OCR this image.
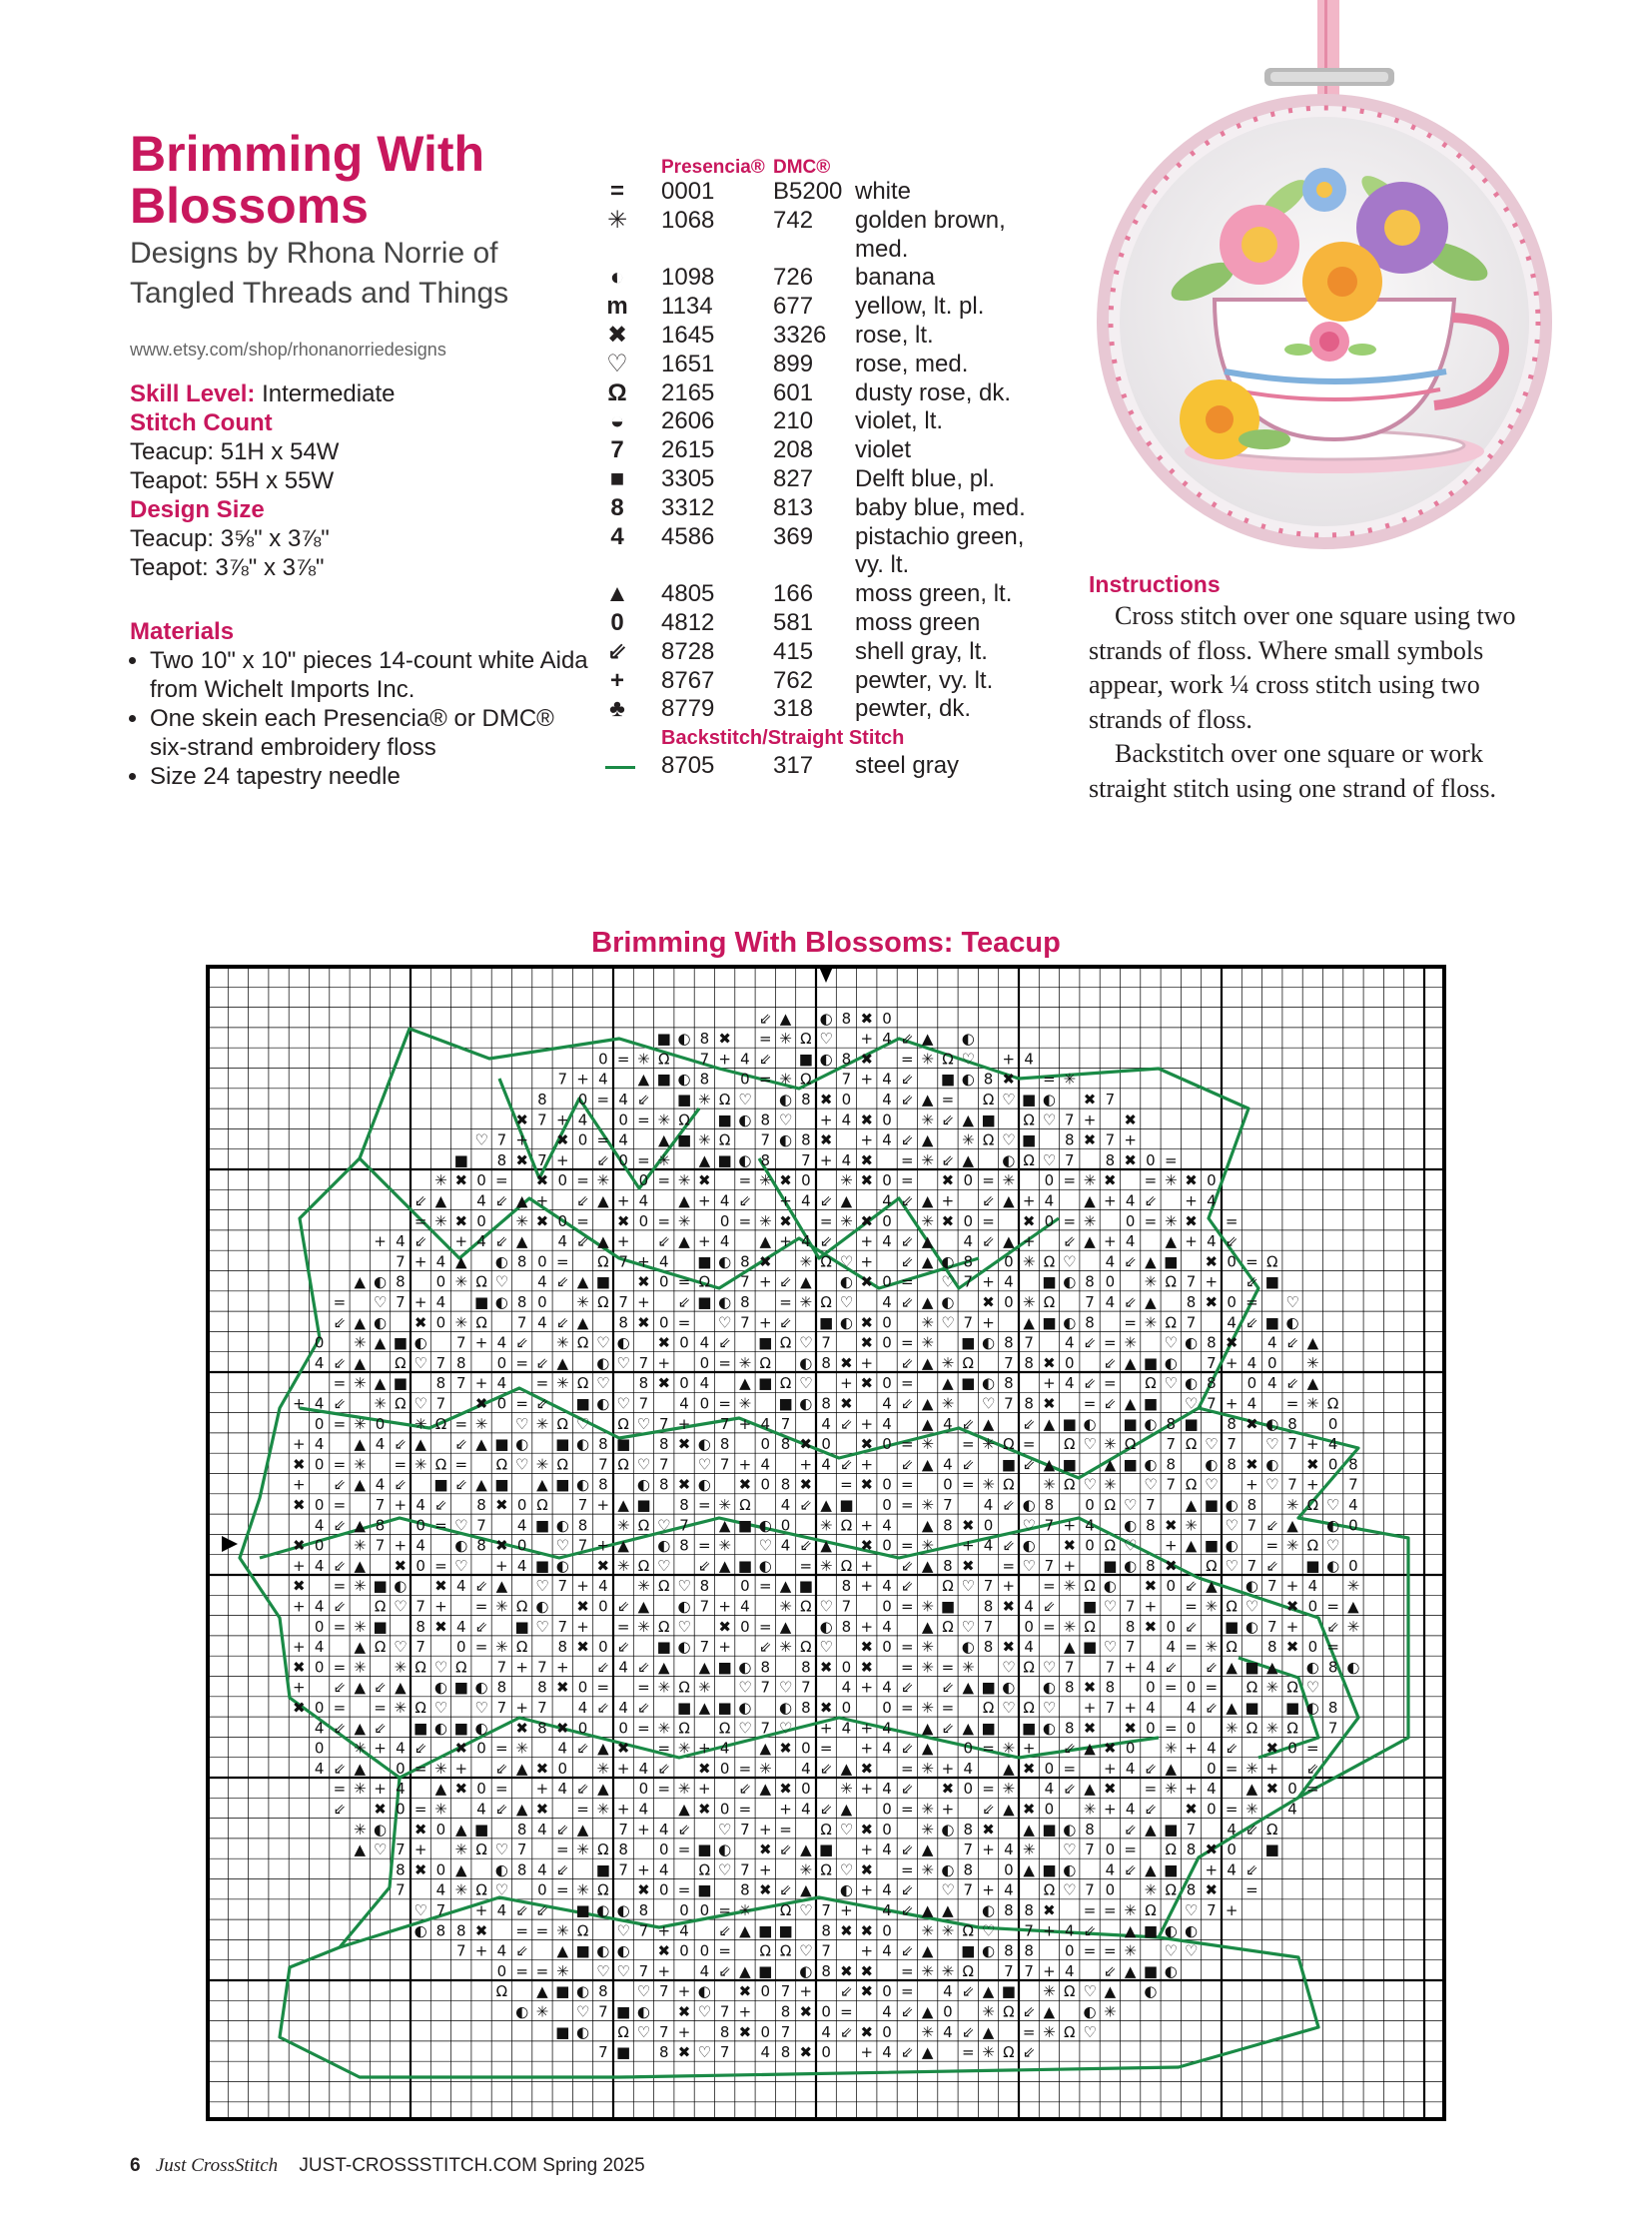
Brimming With Blossoms
Designs by Rhona Norrie of Tangled Threads and Things
www.etsy.com/shop/rhonanorriedesigns
Skill Level: Intermediate
Stitch Count
Teacup: 51H x 54W
Teapot: 55H x 55W
Design Size
Teacup: 3⅝" x 3⅞"
Teapot: 3⅞" x 3⅞"
Materials
• Two 10" x 10" pieces 14-count white Aida from Wichelt Imports Inc.
• One skein each Presencia® or DMC® six-strand embroidery floss
• Size 24 tapestry needle
Presencia® DMC®
=	0001 B5200 white
✳	1068 742 golden brown, med.
◐	1098 726 banana
m	1134	677 yellow, lt. pl.
✖	1645 3326 rose, lt.
♡	1651 899 rose, med.
Ω	2165 601 dusty rose, dk.
◒	2606 210 violet, lt.
7	2615 208 violet
■	3305 827 Delft blue, pl.
8	3312 813 baby blue, med.
4	4586 369 pistachio green, vy. lt.
▲ 4805 166 moss green, lt.
0	4812 581 moss green
⇙	8728 415 shell gray, lt.
+	8767 762 pewter, vy. lt.
♣	8779 318 pewter, dk.
Backstitch/Straight Stitch
8705 317 steel gray
Instructions

Cross stitch over one square using two strands of floss. Where small symbols appear, work ¼ cross stitch using two strands of floss.

Backstitch over one square or work straight stitch using one strand of floss.

Brimming With Blossoms: Teacup
⇙ ▲ ◐ 8 ✖ 0
■ ◐ 8 ✖ = ✳ Ω ♡ + 4 ⇙ ▲ ◐
0 = ✳ Ω 7 + 4 ⇙ ■ ◐ 8 ✖ = ✳ Ω ♡ + 4
7 + 4 ▲ ■ ◐ 8 0 = ✳ Ω 7 + 4 ⇙ ■ ◐ 8 ✖ = ✳
8 0 = 4 ⇙ ■ ✳ Ω ♡ ◐ 8 ✖ 0 4 ⇙ ▲ = Ω ♡ ■ ◐ ✖ 7
✖ 7 + 4 0 = ✳ Ω ■ ◐ 8 ♡ + 4 ✖ 0 ✳ ⇙ ▲ ■ Ω ♡ 7 + ✖
♡ 7 + ✖ 0 = 4 ▲ ■ ✳ Ω 7 ◐ 8 ✖ + 4 ⇙ ▲ ✳ Ω ♡ ■ 8 ✖ 7 +
■ 8 ✖ 7 + ⇙ 0 = ✳ ▲ ■ ◐ 8 7 + 4 ✖ = ✳ ⇙ ▲ ◐ Ω ♡ 7 8 ✖ 0 =
✳ ✖ 0 = ✖ 0 = ✳ 0 = ✳ ✖ = ✳ ✖ 0 ✳ ✖ 0 = ✖ 0 = ✳ 0 = ✳ ✖ = ✳ ✖ 0
⇙ ▲ 4 ⇙ ▲ + ⇙ ▲ + 4 ▲ + 4 ⇙ + 4 ⇙ ▲ 4 ⇙ ▲ + ⇙ ▲ + 4 ▲ + 4 ⇙ + 4
= ✳ ✖ 0 ✳ ✖ 0 = ✖ 0 = ✳ 0 = ✳ ✖ = ✳ ✖ 0 ✳ ✖ 0 = ✖ 0 = ✳ 0 = ✳ ✖ =
+ 4 ⇙ + 4 ⇙ ▲ 4 ⇙ ▲ + ⇙ ▲ + 4 ▲ + 4 ⇙ + 4 ⇙ ▲ 4 ⇙ ▲ + ⇙ ▲ + 4 ▲ + 4 ⇙
7 + 4 ▲ ◐ 8 0 = Ω 7 + 4 ■ ◐ 8 ✖ ✳ Ω ♡ + ⇙ ▲ ◐ 8 0 ✳ Ω ♡ 4 ⇙ ▲ ■ ✖ 0 = Ω
▲ ◐ 8 0 ✳ Ω ♡ 4 ⇙ ▲ ■ ✖ 0 = Ω 7 + ⇙ ▲ ◐ ✖ 0 = ♡ 7 + 4 ■ ◐ 8 0 ✳ Ω 7 + ⇙ ■
= ♡ 7 + 4 ■ ◐ 8 0 ✳ Ω 7 + ⇙ ■ ◐ 8 = ✳ Ω ♡ 4 ⇙ ▲ ◐ ✖ 0 ✳ Ω 7 4 ⇙ ▲ 8 ✖ 0 = ♡
⇙ ▲ ◐ ✖ 0 ✳ Ω 7 4 ⇙ ▲ 8 ✖ 0 = ♡ 7 + ⇙ ■ ◐ ✖ 0 ✳ ♡ 7 + ▲ ■ ◐ 8 = ✳ Ω 7 4 ⇙ ■ ◐
0 ✳ ▲ ■ ◐ 7 + 4 ⇙ ✳ Ω ♡ ◐ ✖ 0 4 ⇙ ■ Ω ♡ 7 ✖ 0 = ✳ ■ ◐ 8 7 4 ⇙ = ✳ ♡ ◐ 8 ✖ 4 ⇙ ▲
4 ⇙ ▲ Ω ♡ 7 8 0 = ⇙ ▲ ◐ ♡ 7 + 0 = ✳ Ω ◐ 8 ✖ + ⇙ ▲ ✳ Ω 7 8 ✖ 0 ⇙ ▲ ■ ◐ 7 + 4 0 ✳
= ✳ ▲ ■ 8 7 + 4 = ✳ Ω ♡ 8 ✖ 0 4 ▲ ■ Ω ♡ + ✖ 0 = ▲ ■ ◐ 8 + 4 ⇙ = Ω ♡ ◐ 8 0 4 ⇙ ▲
+ 4 ⇙ ✳ Ω ♡ 7 ✖ 0 = ⇙ ■ ◐ ♡ 7 4 0 = ✳ ■ ◐ 8 ✖ 4 ⇙ ▲ ✳ ♡ 7 8 ✖ = ⇙ ▲ ■ ♡ 7 + 4 = ✳ Ω
0 = ✳ 0 ✳ Ω = ✳ ♡ ✳ Ω ♡ Ω ♡ 7 + 7 + 4 7 4 ⇙ + 4 ▲ 4 ⇙ ▲ ⇙ ▲ ■ ◐ ■ ◐ 8 ■ 8 ✖ ◐ 8 0
+ 4 ▲ 4 ⇙ ▲ ⇙ ▲ ■ ◐ ■ ◐ 8 ■ 8 ✖ ◐ 8 0 8 ✖ 0 ✖ 0 = ✳ = ✳ Ω = Ω ♡ ✳ Ω 7 Ω ♡ 7 ♡ 7 + 4
✖ 0 = ✳ = ✳ Ω = Ω ♡ ✳ Ω 7 Ω ♡ 7 ♡ 7 + 4 + 4 ⇙ + ⇙ ▲ 4 ⇙ ■ ⇙ ▲ ■ ▲ ■ ◐ 8 ◐ 8 ✖ ◐ ✖ 0 8
+ ⇙ ▲ 4 ⇙ ■ ⇙ ▲ ■ ▲ ■ ◐ 8 ◐ 8 ✖ ◐ ✖ 0 8 ✖ = ✖ 0 = 0 = ✳ Ω ✳ Ω ♡ ✳ ♡ 7 Ω ♡ + ♡ 7 + 7
✖ 0 = 7 + 4 ⇙ 8 ✖ 0 Ω 7 + ▲ ■ 8 = ✳ Ω 4 ⇙ ▲ ■ 0 = ✳ 7 4 ⇙ ◐ 8 0 Ω ♡ 7 ▲ ■ ◐ 8 ✳ Ω ♡ 4
4 ⇙ ▲ 8 0 = ♡ 7 4 ■ ◐ 8 ✳ Ω ♡ 7 ▲ ■ ◐ 0 ✳ Ω + 4 ▲ 8 ✖ 0 ♡ 7 + 4 ◐ 8 ✖ ✳ ♡ 7 ⇙ ▲ ◐ 0
✖ 0 ✳ 7 + 4 ◐ 8 ✖ 0 ♡ 7 + ▲ ◐ 8 = ✳ ♡ 4 ⇙ ▲ ✖ 0 = ✳ + 4 ⇙ ◐ ✖ 0 Ω ♡ + ▲ ■ ◐ = ✳ Ω ♡
+ 4 ⇙ ▲ ✖ 0 = ♡ + 4 ■ ◐ ✖ ✳ Ω ♡ ⇙ ▲ ■ ◐ = ✳ Ω + ⇙ ▲ 8 ✖ = ♡ 7 + ■ ◐ 8 ✖ Ω ♡ 7 ⇙ ■ ◐ 0
✖ = ✳ ■ ◐ ✖ 4 ⇙ ▲ ♡ 7 + 4 ✳ Ω ♡ 8 0 = ▲ ■ 8 + 4 ⇙ Ω ♡ 7 + = ✳ Ω ◐ ✖ 0 ⇙ ▲ ◐ 7 + 4 ✳
+ 4 ⇙ Ω ♡ 7 + = ✳ Ω ◐ ✖ 0 ⇙ ▲ ◐ 7 + 4 ✳ Ω ♡ 7 0 = ✳ ■ 8 ✖ 4 ⇙ ■ ♡ 7 + = ✳ Ω ♡ ✖ 0 = ▲
0 = ✳ ■ 8 ✖ 4 ⇙ ■ ♡ 7 + = ✳ Ω ♡ ✖ 0 = ▲ ◐ 8 + 4 ▲ Ω ♡ 7 0 = ✳ Ω 8 ✖ 0 ⇙ ■ ◐ 7 + ⇙ ✳
+ 4 ▲ Ω ♡ 7 0 = ✳ Ω 8 ✖ 0 ⇙ ■ ◐ 7 + ⇙ ✳ Ω ♡ ✖ 0 = ✳ ◐ 8 ✖ 4 ▲ ■ ♡ 7 4 = ✳ Ω 8 ✖ 0 =
✖ 0 = ✳ ✳ Ω ♡ Ω 7 + 7 + ⇙ 4 ⇙ ▲ ▲ ■ ◐ 8 8 ✖ 0 ✖ = ✳ = ✳ ♡ Ω ♡ 7 7 + 4 ⇙ ⇙ ▲ ■ ▲ ◐ 8 ◐
+ ⇙ ▲ ⇙ ▲ ◐ ■ ◐ 8 8 ✖ 0 = = ✳ Ω ✳ ♡ 7 ♡ 7 4 + 4 ⇙ ⇙ ▲ ■ ◐ ◐ 8 ✖ 8 0 = 0 = Ω ✳ Ω ♡
✖ 0 = = ✳ Ω ♡ ♡ 7 + 7 4 ⇙ 4 ⇙ ■ ▲ ■ ◐ ◐ 8 ✖ 0 0 = ✳ = Ω ♡ Ω ♡ + 7 + 4 4 ⇙ ▲ ■ ■ ◐ 8
4 ⇙ ▲ ⇙ ■ ◐ ■ ◐ ✖ 8 ✖ 0 0 = ✳ Ω Ω ♡ 7 ♡ + 4 + 4 ▲ ⇙ ▲ ■ ■ ◐ 8 ✖ ✖ 0 = 0 ✳ Ω ✳ Ω 7
0 ✳ + 4 ⇙ ✖ 0 = ✳ 4 ⇙ ▲ ✖ = ✳ + 4 ▲ ✖ 0 = + 4 ⇙ ▲ 0 = ✳ + ⇙ ▲ ✖ 0 ✳ + 4 ⇙ ✖ 0 =
4 ⇙ ▲ 0 = ✳ + ⇙ ▲ ✖ 0 ✳ + 4 ⇙ ✖ 0 = ✳ 4 ⇙ ▲ ✖ = ✳ + 4 ▲ ✖ 0 = + 4 ⇙ ▲ 0 = ✳ + ⇙
= ✳ + 4 ▲ ✖ 0 = + 4 ⇙ ▲ 0 = ✳ + ⇙ ▲ ✖ 0 ✳ + 4 ⇙ ✖ 0 = ✳ 4 ⇙ ▲ ✖ = ✳ + 4 ▲ ✖ 0 =
⇙ ✖ 0 = ✳ 4 ⇙ ▲ ✖ = ✳ + 4 ▲ ✖ 0 = + 4 ⇙ ▲ 0 = ✳ + ⇙ ▲ ✖ 0 ✳ + 4 ⇙ ✖ 0 = ✳ 4
✳ ◐ ✖ 0 ▲ ■ 8 4 ⇙ ▲ 7 + 4 ⇙ ♡ 7 + = Ω ♡ ✖ 0 ✳ ◐ 8 ✖ ▲ ■ ◐ 8 ⇙ ▲ ■ 7 4 ⇙ Ω
▲ ♡ 7 + ✳ Ω ♡ 7 = ✳ Ω 8 0 = ■ ◐ ✖ ⇙ ▲ ■ + 4 ⇙ ▲ 7 + 4 ✳ ♡ 7 0 = Ω 8 ✖ 0 ■
8 ✖ 0 ▲ ◐ 8 4 ⇙ ■ 7 + 4 Ω ♡ 7 + ✳ Ω ♡ ✖ = ✳ ◐ 8 0 ▲ ■ ◐ 4 ⇙ ▲ ■ + 4 ⇙
7 4 ✳ Ω ♡ 0 = ✳ Ω ✖ 0 = ■ 8 ✖ ⇙ ▲ ◐ + 4 ⇙ ♡ 7 + 4 Ω ♡ 7 0 ✳ Ω 8 ✖ =
♡ 7 + 4 ⇙ ⇙ ■ ◐ ◐ 8 0 0 = ✳ Ω ♡ 7 + 4 ⇙ ▲ ▲ ◐ 8 8 ✖ = = ✳ Ω ♡ 7 +
◐ 8 8 ✖ = = ✳ Ω ♡ 7 + 4 ⇙ ▲ ■ ■ 8 ✖ ✖ 0 ✳ ✳ Ω ♡ 7 + 4 ⇙ ▲ ■ ◐ ◐
7 + 4 ⇙ ▲ ■ ◐ ◐ ✖ 0 0 = Ω Ω ♡ 7 + 4 ⇙ ▲ ■ ◐ 8 8 0 = = ✳ ♡ ♡
0 = = ✳ ♡ ♡ 7 + 4 ⇙ ▲ ■ ◐ 8 ✖ ✖ = ✳ ✳ Ω 7 7 + 4 ⇙ ▲ ■ ◐
Ω ▲ ■ ◐ 8 ♡ 7 + ◐ ✖ 0 7 + ⇙ ✖ 0 = 4 ⇙ ▲ ■ ✳ Ω ♡ ▲ ◐
◐ ✳ ♡ 7 ■ ◐ ✖ ♡ 7 + 8 ✖ 0 = 4 ⇙ ▲ 0 ✳ Ω ⇙ ▲ ◐ ✳
■ ◐ Ω ♡ 7 + 8 ✖ 0 7 4 ⇙ ✖ 0 ✳ 4 ⇙ ▲ = ✳ Ω ♡
7 ■ 8 ✖ ♡ 7 4 8 ✖ 0 + 4 ⇙ ▲ = ✳ Ω ⇙
6 Just CrossStitch JUST-CROSSSTITCH.COM Spring 2025
